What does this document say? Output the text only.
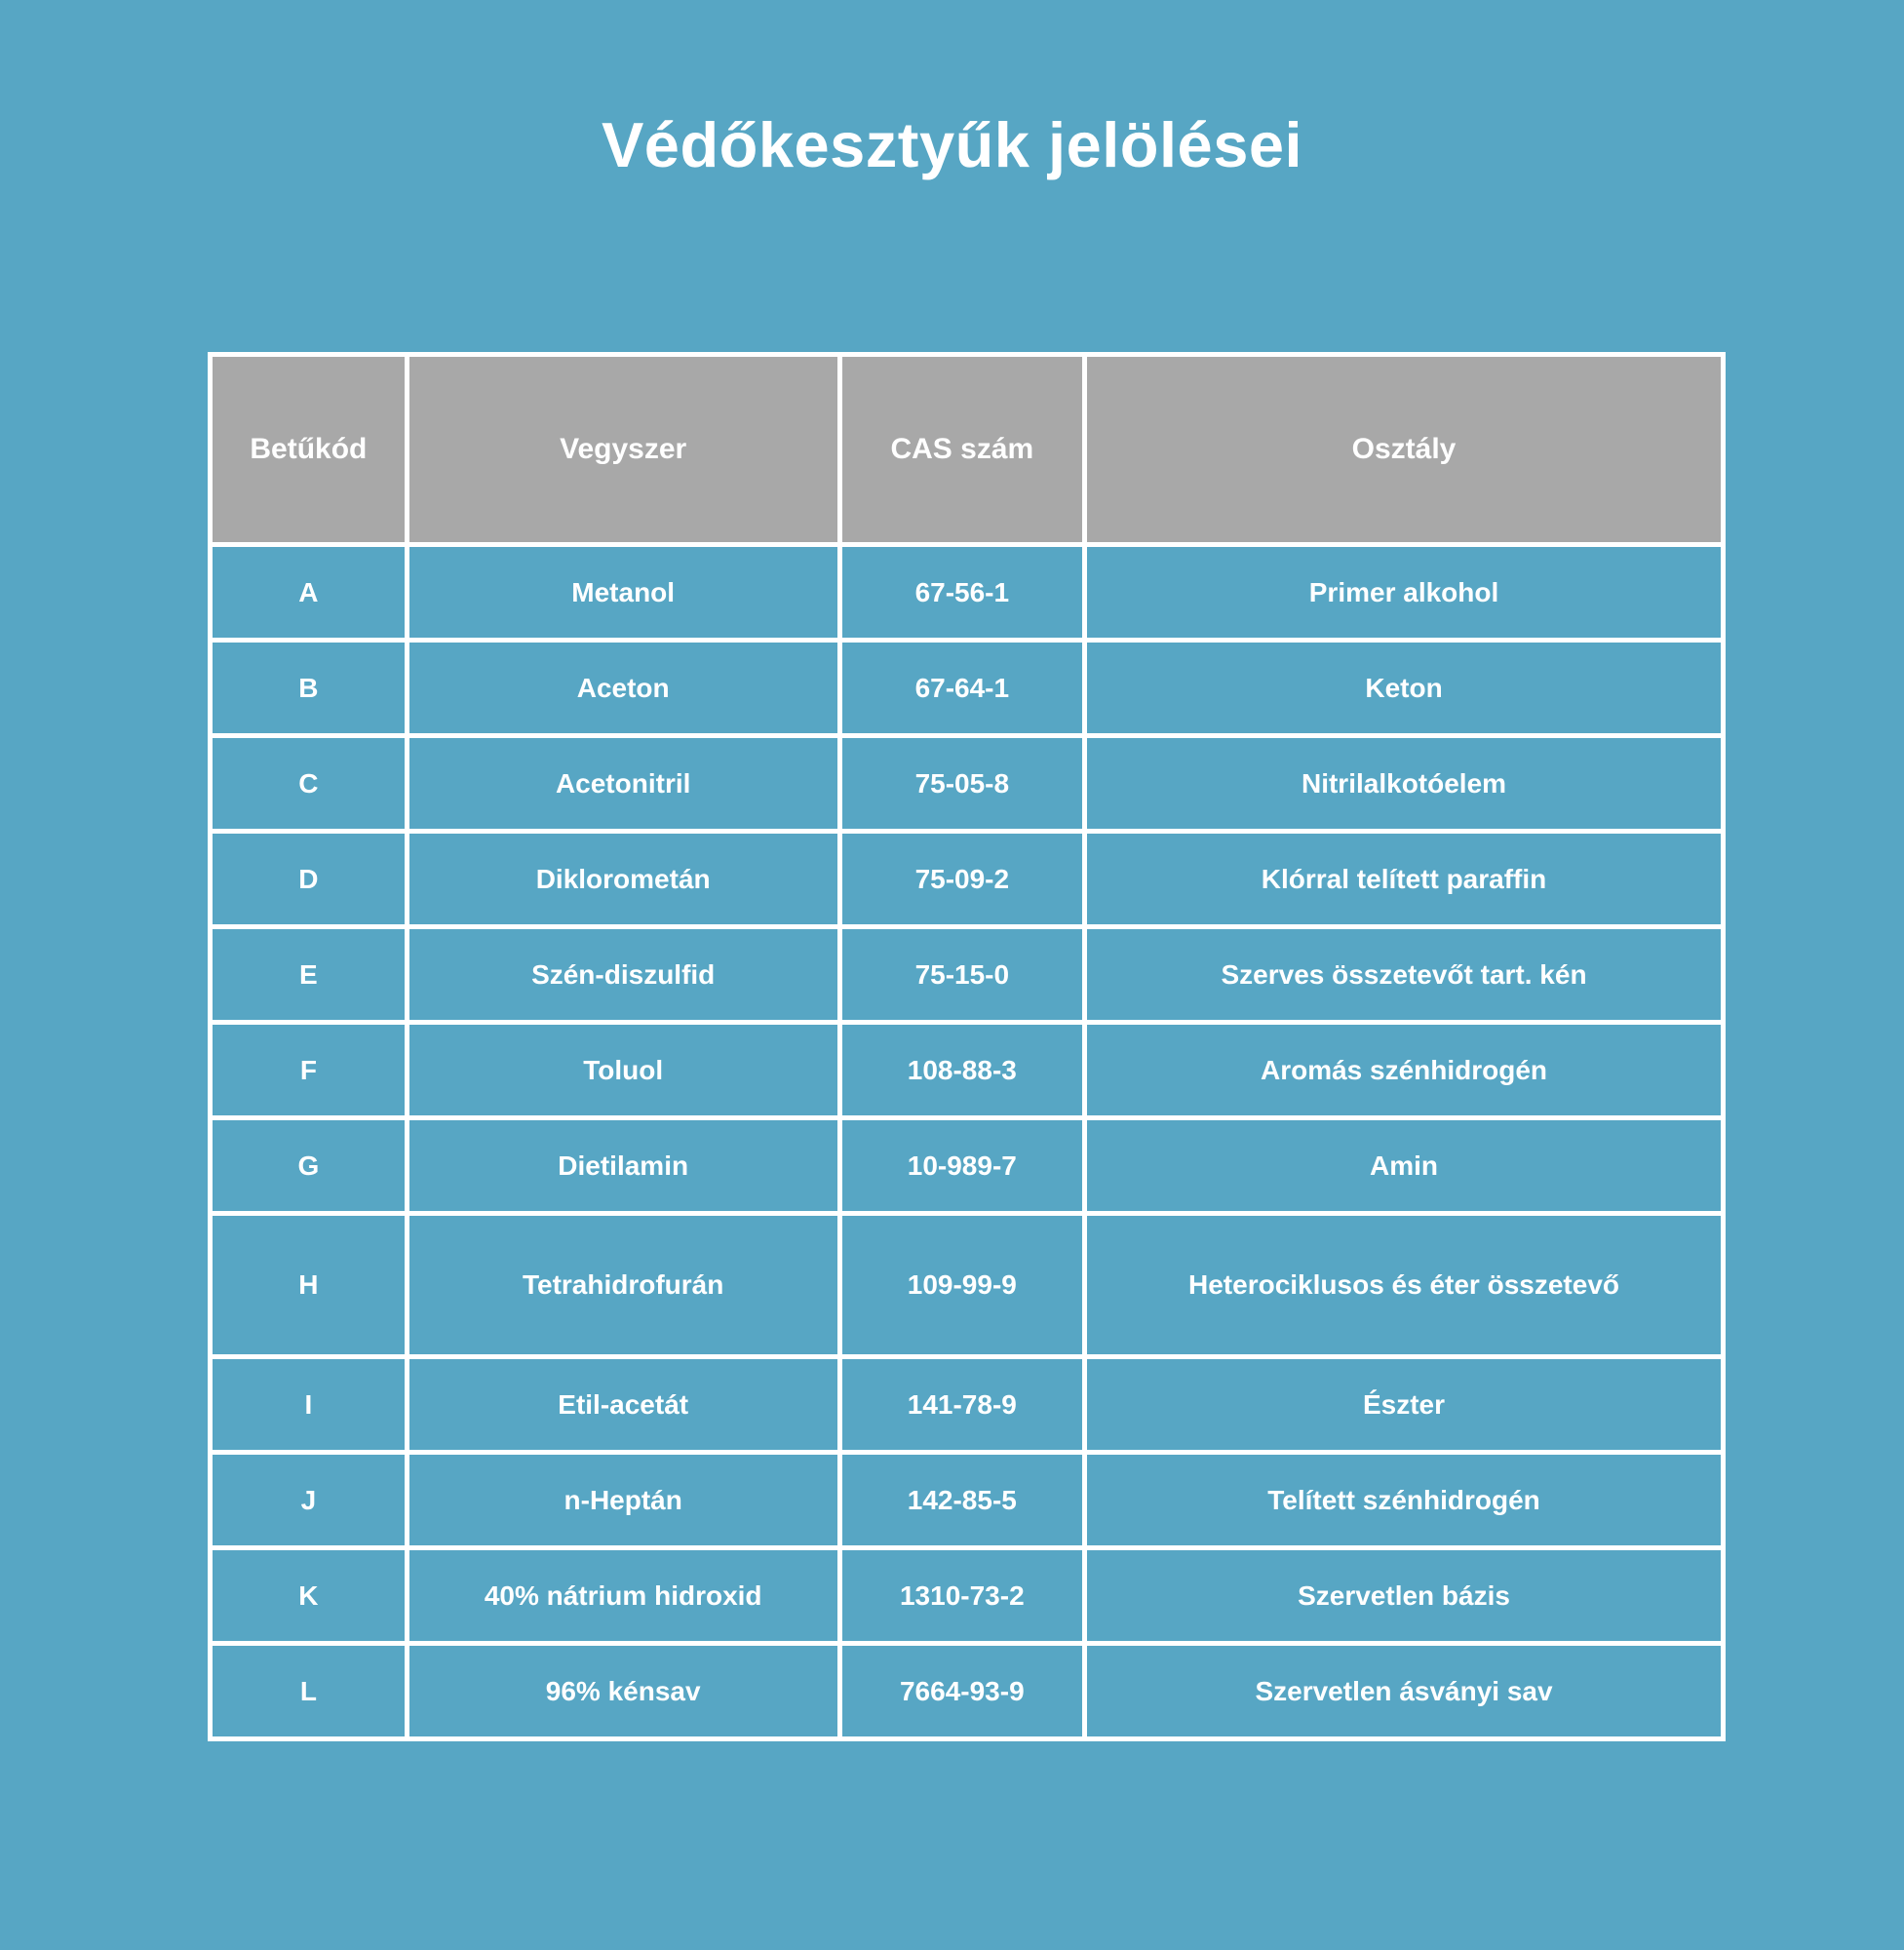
Védőkesztyűk jelölései
Betűkód	Vegyszer	CAS szám	Osztály
A	Metanol	67-56-1	Primer alkohol
B	Aceton	67-64-1	Keton
C	Acetonitril	75-05-8	Nitrilalkotóelem
D	Diklorometán	75-09-2	Klórral telített paraffin
E	Szén-diszulfid	75-15-0	Szerves összetevőt tart. kén
F	Toluol	108-88-3	Aromás szénhidrogén
G	Dietilamin	10-989-7	Amin
H	Tetrahidrofurán	109-99-9	Heterociklusos és éter összetevő
I	Etil-acetát	141-78-9	Észter
J	n-Heptán	142-85-5	Telített szénhidrogén
K	40% nátrium hidroxid	1310-73-2	Szervetlen bázis
L	96% kénsav	7664-93-9	Szervetlen ásványi sav
